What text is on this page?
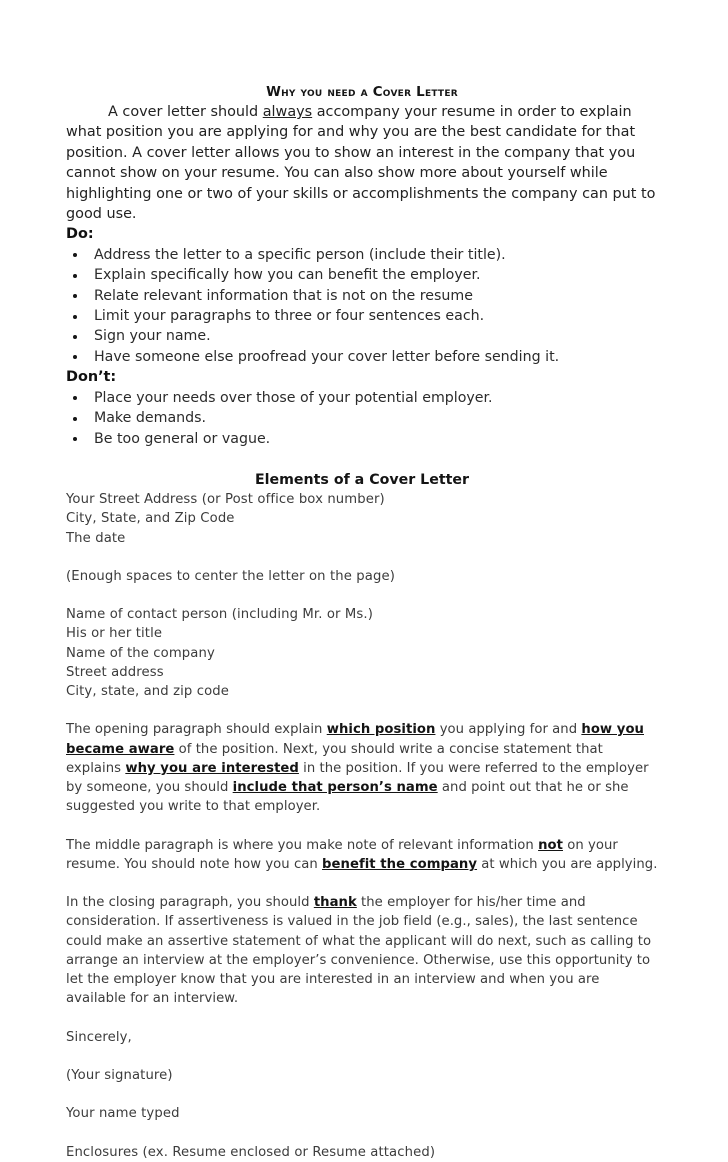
Why you need a Cover Letter

A cover letter should always accompany your resume in order to explain what position you are applying for and why you are the best candidate for that position. A cover letter allows you to show an interest in the company that you cannot show on your resume. You can also show more about yourself while highlighting one or two of your skills or accomplishments the company can put to good use.

Do:

Address the letter to a specific person (include their title).
Explain specifically how you can benefit the employer.
Relate relevant information that is not on the resume
Limit your paragraphs to three or four sentences each.
Sign your name.
Have someone else proofread your cover letter before sending it.

Don’t:

Place your needs over those of your potential employer.
Make demands.
Be too general or vague.
Elements of a Cover Letter
Your Street Address (or Post office box number)
City, State, and Zip Code
The date
(Enough spaces to center the letter on the page)
Name of contact person (including Mr. or Ms.)
His or her title
Name of the company
Street address
City, state, and zip code

The opening paragraph should explain which position you applying for and how you became aware of the position. Next, you should write a concise statement that explains why you are interested in the position. If you were referred to the employer by someone, you should include that person’s name and point out that he or she suggested you write to that employer.

The middle paragraph is where you make note of relevant information not on your resume. You should note how you can benefit the company at which you are applying.

In the closing paragraph, you should thank the employer for his/her time and consideration. If assertiveness is valued in the job field (e.g., sales), the last sentence could make an assertive statement of what the applicant will do next, such as calling to arrange an interview at the employer’s convenience. Otherwise, use this opportunity to let the employer know that you are interested in an interview and when you are available for an interview.

Sincerely,
(Your signature)
Your name typed
Enclosures (ex. Resume enclosed or Resume attached)
